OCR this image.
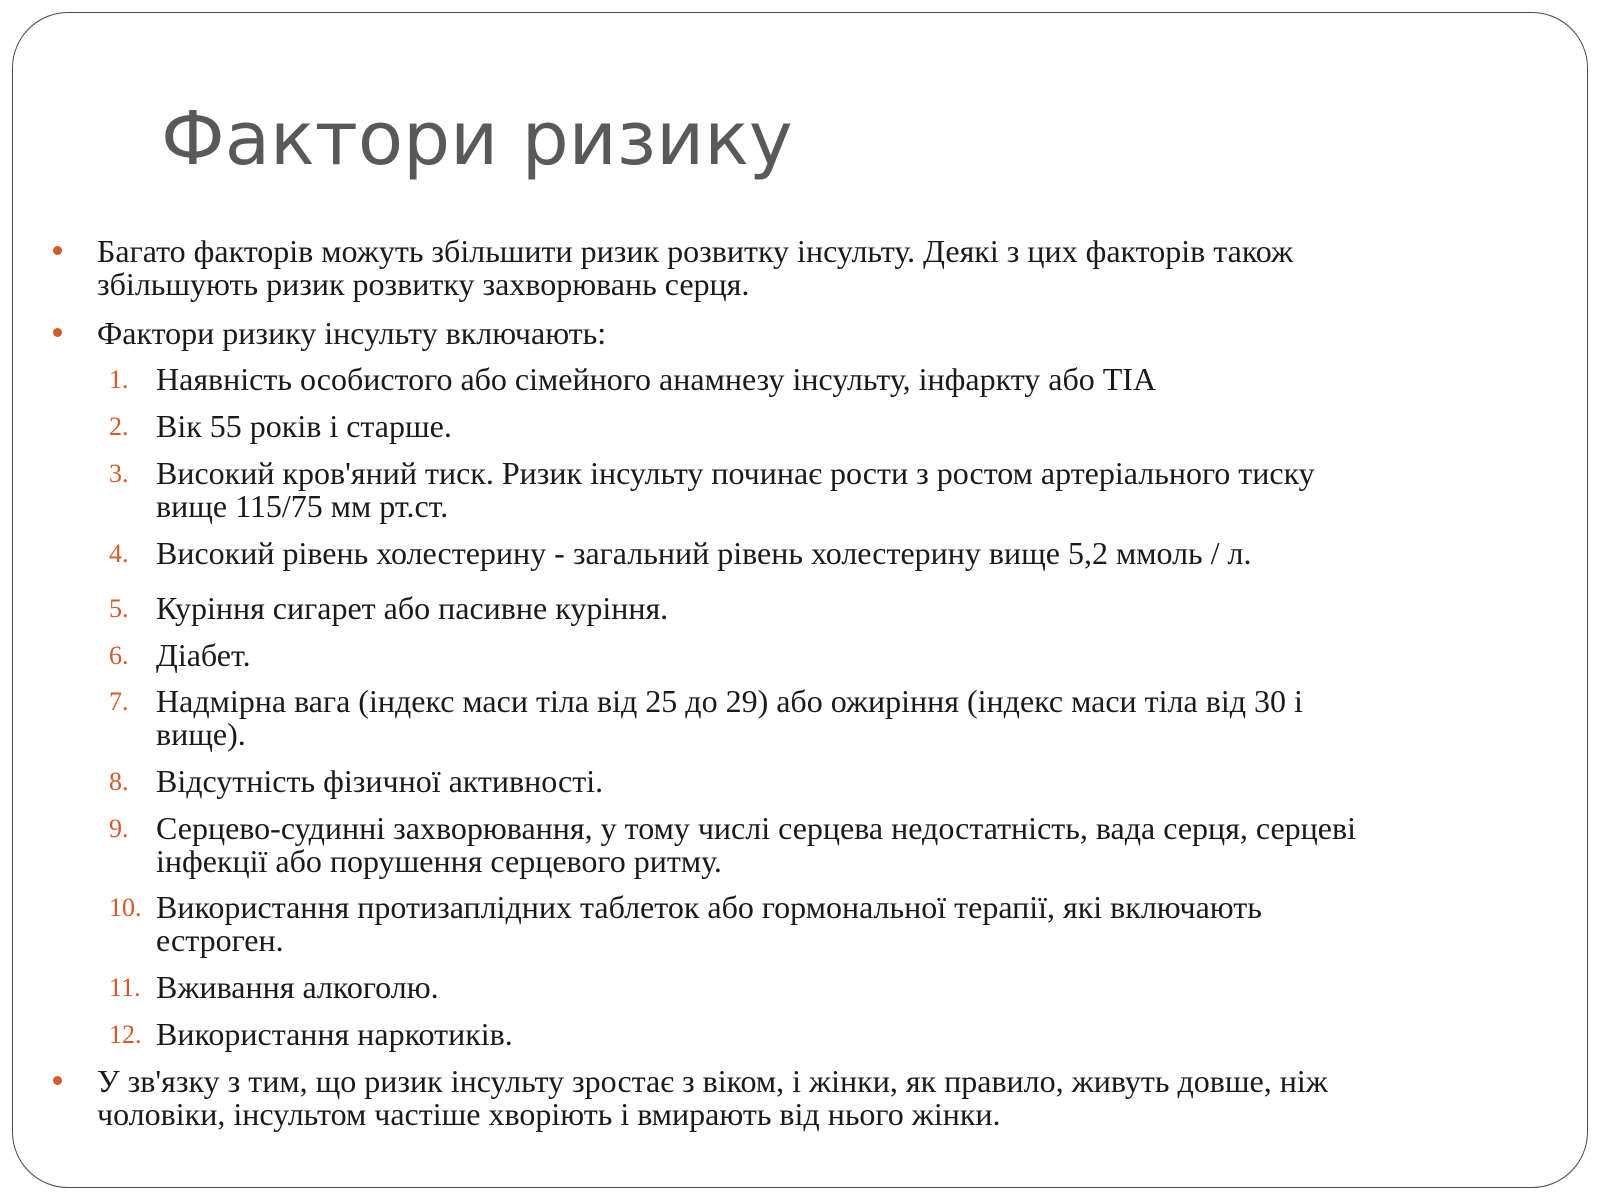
Фактори ризику
Багато факторів можуть збільшити ризик розвитку інсульту. Деякі з цих факторів також
збільшують ризик розвитку захворювань серця.
Фактори ризику інсульту включають:
1. Наявність особистого або сімейного анамнезу інсульту, інфаркту або TIA
2. Вік 55 років і старше.
3. Високий кров'яний тиск. Ризик інсульту починає рости з ростом артеріального тиску
вище 115/75 мм рт.ст.
4. Високий рівень холестерину - загальний рівень холестерину вище 5,2 ммоль / л.
5. Куріння сигарет або пасивне куріння.
6. Діабет.
7. Надмірна вага (індекс маси тіла від 25 до 29) або ожиріння (індекс маси тіла від 30 і
вище).
8. Відсутність фізичної активності.
9. Серцево-судинні захворювання, у тому числі серцева недостатність, вада серця, серцеві
інфекції або порушення серцевого ритму.
10. Використання протизаплідних таблеток або гормональної терапії, які включають
естроген.
11. Вживання алкоголю.
12. Використання наркотиків.
У зв'язку з тим, що ризик інсульту зростає з віком, і жінки, як правило, живуть довше, ніж
чоловіки, інсультом частіше хворіють і вмирають від нього жінки.
